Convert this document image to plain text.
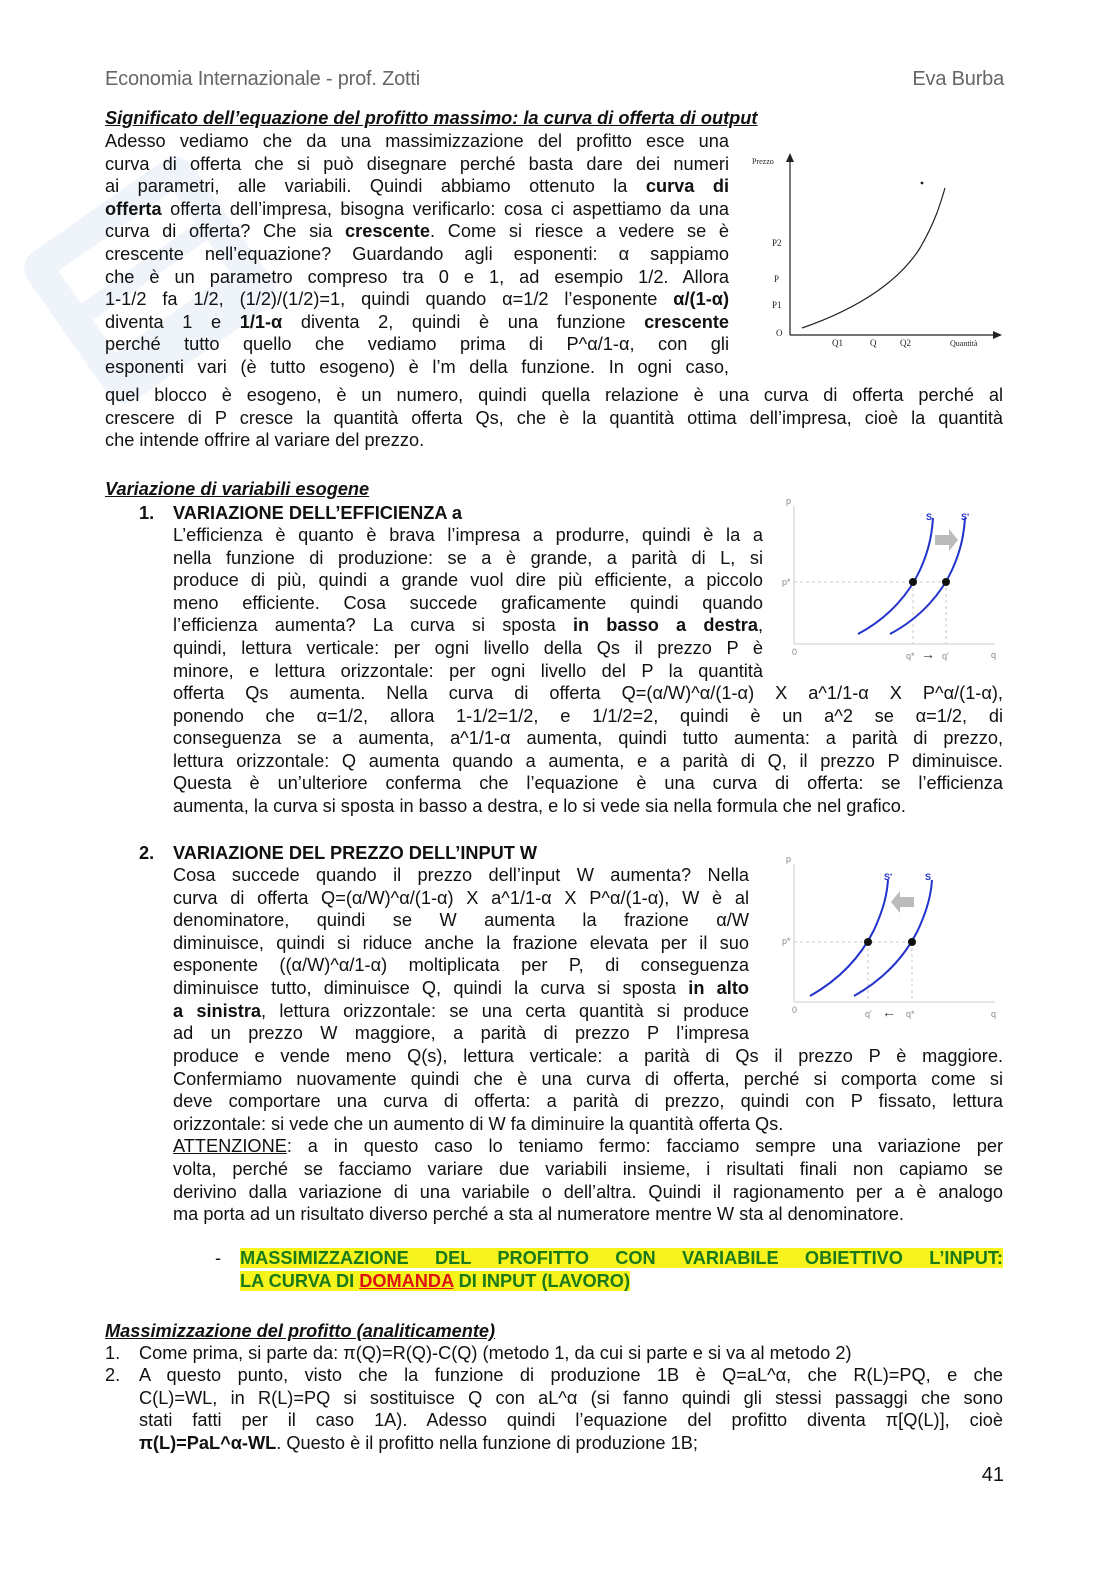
Economia Internazionale - prof. Zotti	Eva Burba
Significato dell’equazione del profitto massimo: la curva di offerta di output
Adesso vediamo che da una massimizzazione del profitto esce una
curva di offerta che si può disegnare perché basta dare dei numeri
ai parametri, alle variabili. Quindi abbiamo ottenuto la curva di
offerta offerta dell’impresa, bisogna verificarlo: cosa ci aspettiamo da una
curva di offerta? Che sia crescente. Come si riesce a vedere se è
crescente nell’equazione? Guardando agli esponenti: α sappiamo
che è un parametro compreso tra 0 e 1, ad esempio 1/2. Allora
1-1/2 fa 1/2, (1/2)/(1/2)=1, quindi quando α=1/2 l’esponente α/(1-α)
diventa 1 e 1/1-α diventa 2, quindi è una funzione crescente
perché tutto quello che vediamo prima di P^α/1-α, con gli
esponenti vari (è tutto esogeno) è l’m della funzione. In ogni caso,
quel blocco è esogeno, è un numero, quindi quella relazione è una curva di offerta perché al
crescere di P cresce la quantità offerta Qs, che è la quantità ottima dell’impresa, cioè la quantità
che intende offrire al variare del prezzo.
Prezzo
P2
P
P1
O
Q1	Q	Q2	Quantità
Variazione di variabili esogene
1. VARIAZIONE DELL’EFFICIENZA a
L’efficienza è quanto è brava l’impresa a produrre, quindi è la a
nella funzione di produzione: se a è grande, a parità di L, si
produce di più, quindi a grande vuol dire più efficiente, a piccolo
meno efficiente. Cosa succede graficamente quindi quando
l’efficienza aumenta? La curva si sposta in basso a destra,
quindi, lettura verticale: per ogni livello della Qs il prezzo P è
minore, e lettura orizzontale: per ogni livello del P la quantità
offerta Qs aumenta. Nella curva di offerta Q=(α/W)^α/(1-α) X a^1/1-α X P^α/(1-α),
ponendo che α=1/2, allora 1-1/2=1/2, e 1/1/2=2, quindi è un a^2 se α=1/2, di
conseguenza se a aumenta, a^1/1-α aumenta, quindi tutto aumenta: a parità di prezzo,
lettura orizzontale: Q aumenta quando a aumenta, e a parità di Q, il prezzo P diminuisce.
Questa è un’ulteriore conferma che l’equazione è una curva di offerta: se l’efficienza
aumenta, la curva si sposta in basso a destra, e lo si vede sia nella formula che nel grafico.
p
S	S'
p*
0	q* → q'	q
2. VARIAZIONE DEL PREZZO DELL’INPUT W
Cosa succede quando il prezzo dell’input W aumenta? Nella
curva di offerta Q=(α/W)^α/(1-α) X a^1/1-α X P^α/(1-α), W è al
denominatore, quindi se W aumenta la frazione α/W
diminuisce, quindi si riduce anche la frazione elevata per il suo
esponente ((α/W)^α/1-α) moltiplicata per P, di conseguenza
diminuisce tutto, diminuisce Q, quindi la curva si sposta in alto
a sinistra, lettura orizzontale: se una certa quantità si produce
ad un prezzo W maggiore, a parità di prezzo P l’impresa
produce e vende meno Q(s), lettura verticale: a parità di Qs il prezzo P è maggiore.
Confermiamo nuovamente quindi che è una curva di offerta, perché si comporta come si
deve comportare una curva di offerta: a parità di prezzo, quindi con P fissato, lettura
orizzontale: si vede che un aumento di W fa diminuire la quantità offerta Qs.
ATTENZIONE: a in questo caso lo teniamo fermo: facciamo sempre una variazione per
volta, perché se facciamo variare due variabili insieme, i risultati finali non capiamo se
derivino dalla variazione di una variabile o dell’altra. Quindi il ragionamento per a è analogo
ma porta ad un risultato diverso perché a sta al numeratore mentre W sta al denominatore.
p
S'	S
p*
0	q' ← q*	q
- MASSIMIZZAZIONE DEL PROFITTO CON VARIABILE OBIETTIVO L’INPUT:
LA CURVA DI DOMANDA DI INPUT (LAVORO)
Massimizzazione del profitto (analiticamente)
1. Come prima, si parte da: π(Q)=R(Q)-C(Q) (metodo 1, da cui si parte e si va al metodo 2)
2. A questo punto, visto che la funzione di produzione 1B è Q=aL^α, che R(L)=PQ, e che
C(L)=WL, in R(L)=PQ si sostituisce Q con aL^α (si fanno quindi gli stessi passaggi che sono
stati fatti per il caso 1A). Adesso quindi l’equazione del profitto diventa π[Q(L)], cioè
π(L)=PaL^α-WL. Questo è il profitto nella funzione di produzione 1B;
41
